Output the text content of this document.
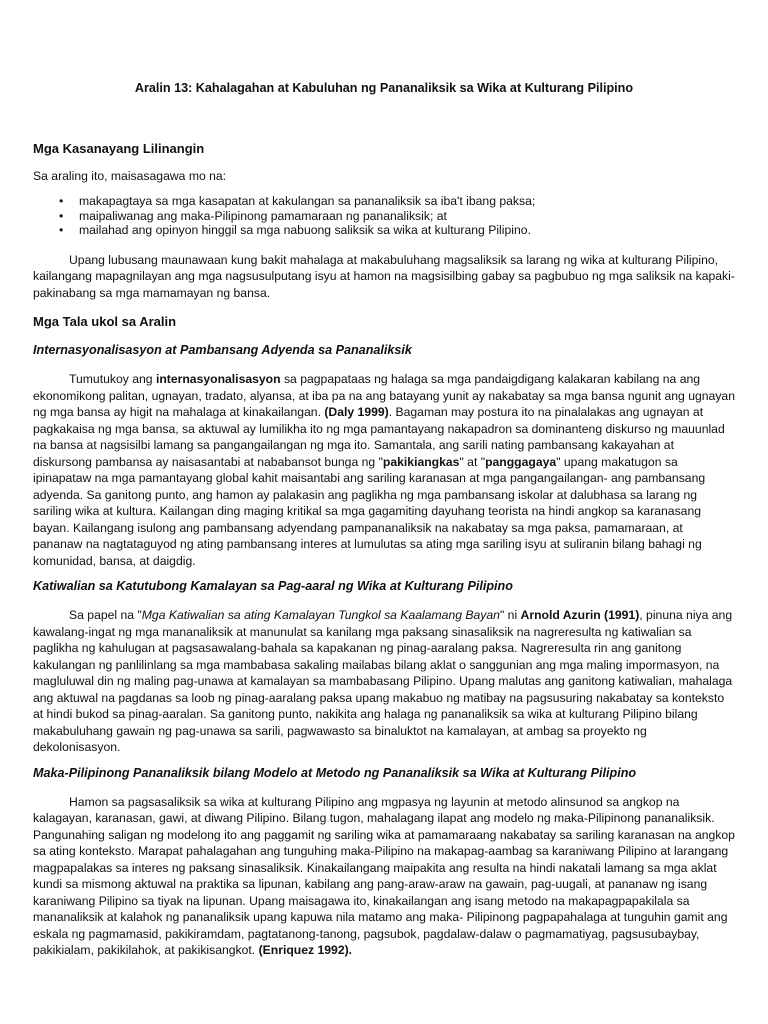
Aralin 13: Kahalagahan at Kabuluhan ng Pananaliksik sa Wika at Kulturang Pilipino

Mga Kasanayang Lilinangin

Sa araling ito, maisasagawa mo na:

• makapagtaya sa mga kasapatan at kakulangan sa pananaliksik sa iba't ibang paksa;
• maipaliwanag ang maka-Pilipinong pamamaraan ng pananaliksik; at
• mailahad ang opinyon hinggil sa mga nabuong saliksik sa wika at kulturang Pilipino.

Upang lubusang maunawaan kung bakit mahalaga at makabuluhang magsaliksik sa larang ng wika at kulturang Pilipino, kailangang mapagnilayan ang mga nagsusulputang isyu at hamon na magsisilbing gabay sa pagbubuo ng mga saliksik na kapaki-pakinabang sa mga mamamayan ng bansa.

Mga Tala ukol sa Aralin
Internasyonalisasyon at Pambansang Adyenda sa Pananaliksik

Tumutukoy ang internasyonalisasyon sa pagpapataas ng halaga sa mga pandaigdigang kalakaran kabilang na ang ekonomikong palitan, ugnayan, tradato, alyansa, at iba pa na ang batayang yunit ay nakabatay sa mga bansa ngunit ang ugnayan ng mga bansa ay higit na mahalaga at kinakailangan. (Daly 1999). Bagaman may postura ito na pinalalakas ang ugnayan at pagkakaisa ng mga bansa, sa aktuwal ay lumilikha ito ng mga pamantayang nakapadron sa dominanteng diskurso ng mauunlad na bansa at nagsisilbi lamang sa pangangailangan ng mga ito. Samantala, ang sarili nating pambansang kakayahan at diskursong pambansa ay naisasantabi at nababansot bunga ng "pakikiangkas" at "panggagaya" upang makatugon sa ipinapataw na mga pamantayang global kahit maisantabi ang sariling karanasan at mga pangangailangan- ang pambansang adyenda. Sa ganitong punto, ang hamon ay palakasin ang paglikha ng mga pambansang iskolar at dalubhasa sa larang ng sariling wika at kultura. Kailangan ding maging kritikal sa mga gagamiting dayuhang teorista na hindi angkop sa karanasang bayan. Kailangang isulong ang pambansang adyendang pampananaliksik na nakabatay sa mga paksa, pamamaraan, at pananaw na nagtataguyod ng ating pambansang interes at lumulutas sa ating mga sariling isyu at suliranin bilang bahagi ng komunidad, bansa, at daigdig.

Katiwalian sa Katutubong Kamalayan sa Pag-aaral ng Wika at Kulturang Pilipino

Sa papel na "Mga Katiwalian sa ating Kamalayan Tungkol sa Kaalamang Bayan" ni Arnold Azurin (1991), pinuna niya ang kawalang-ingat ng mga mananaliksik at manunulat sa kanilang mga paksang sinasaliksik na nagreresulta ng katiwalian sa paglikha ng kahulugan at pagsasawalang-bahala sa kapakanan ng pinag-aaralang paksa. Nagreresulta rin ang ganitong kakulangan ng panlilinlang sa mga mambabasa sakaling mailabas bilang aklat o sanggunian ang mga maling impormasyon, na magluluwal din ng maling pag-unawa at kamalayan sa mambabasang Pilipino. Upang malutas ang ganitong katiwalian, mahalaga ang aktuwal na pagdanas sa loob ng pinag-aaralang paksa upang makabuo ng matibay na pagsusuring nakabatay sa konteksto at hindi bukod sa pinag-aaralan. Sa ganitong punto, nakikita ang halaga ng pananaliksik sa wika at kulturang Pilipino bilang makabuluhang gawain ng pag-unawa sa sarili, pagwawasto sa binaluktot na kamalayan, at ambag sa proyekto ng dekolonisasyon.

Maka-Pilipinong Pananaliksik bilang Modelo at Metodo ng Pananaliksik sa Wika at Kulturang Pilipino

Hamon sa pagsasaliksik sa wika at kulturang Pilipino ang mgpasya ng layunin at metodo alinsunod sa angkop na kalagayan, karanasan, gawi, at diwang Pilipino. Bilang tugon, mahalagang ilapat ang modelo ng maka-Pilipinong pananaliksik. Pangunahing saligan ng modelong ito ang paggamit ng sariling wika at pamamaraang nakabatay sa sariling karanasan na angkop sa ating konteksto. Marapat pahalagahan ang tunguhing maka-Pilipino na makapag-aambag sa karaniwang Pilipino at larangang magpapalakas sa interes ng paksang sinasaliksik. Kinakailangang maipakita ang resulta na hindi nakatali lamang sa mga aklat kundi sa mismong aktuwal na praktika sa lipunan, kabilang ang pang-araw-araw na gawain, pag-uugali, at pananaw ng isang karaniwang Pilipino sa tiyak na lipunan. Upang maisagawa ito, kinakailangan ang isang metodo na makapagpapakilala sa mananaliksik at kalahok ng pananaliksik upang kapuwa nila matamo ang maka- Pilipinong pagpapahalaga at tunguhin gamit ang eskala ng pagmamasid, pakikiramdam, pagtatanong-tanong, pagsubok, pagdalaw-dalaw o pagmamatiyag, pagsusubaybay, pakikialam, pakikilahok, at pakikisangkot. (Enriquez 1992).
